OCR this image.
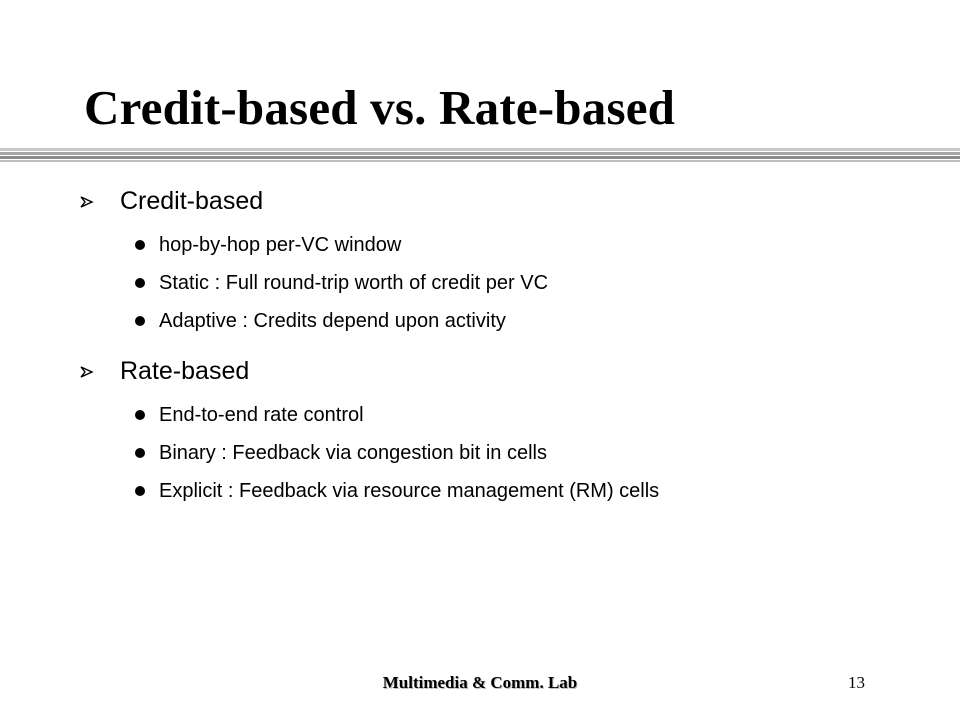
Credit-based vs. Rate-based
Credit-based
hop-by-hop per-VC window
Static : Full round-trip worth of credit per VC
Adaptive : Credits depend upon activity
Rate-based
End-to-end rate control
Binary : Feedback via congestion bit in cells
Explicit : Feedback via resource management (RM) cells
Multimedia & Comm. Lab	13
